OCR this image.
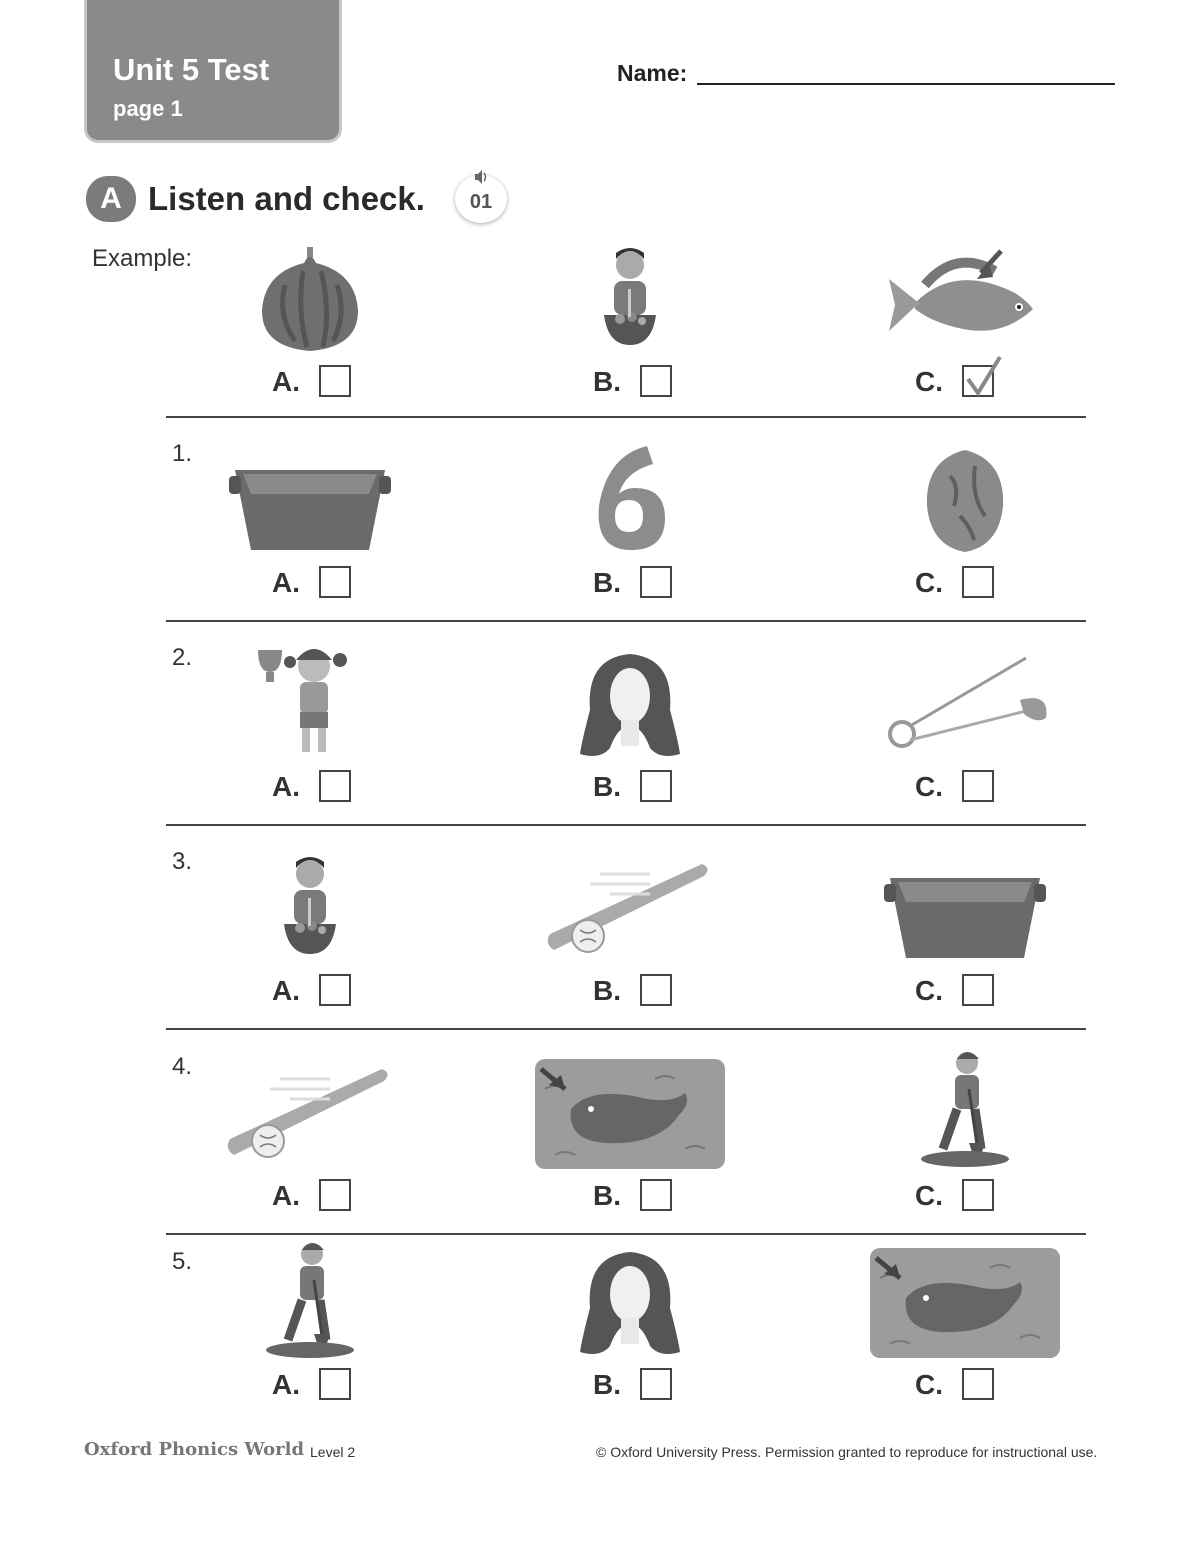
Unit 5 Test
page 1
Name:
A Listen and check.	01
Example:
A.	B.	C.
1.
A.	B.	C.
2.
A.	B.	C.
3.
A.	B.	C.
4.
A.	B.	C.
5.
A.	B.	C.
Oxford Phonics World Level 2	© Oxford University Press. Permission granted to reproduce for instructional use.
